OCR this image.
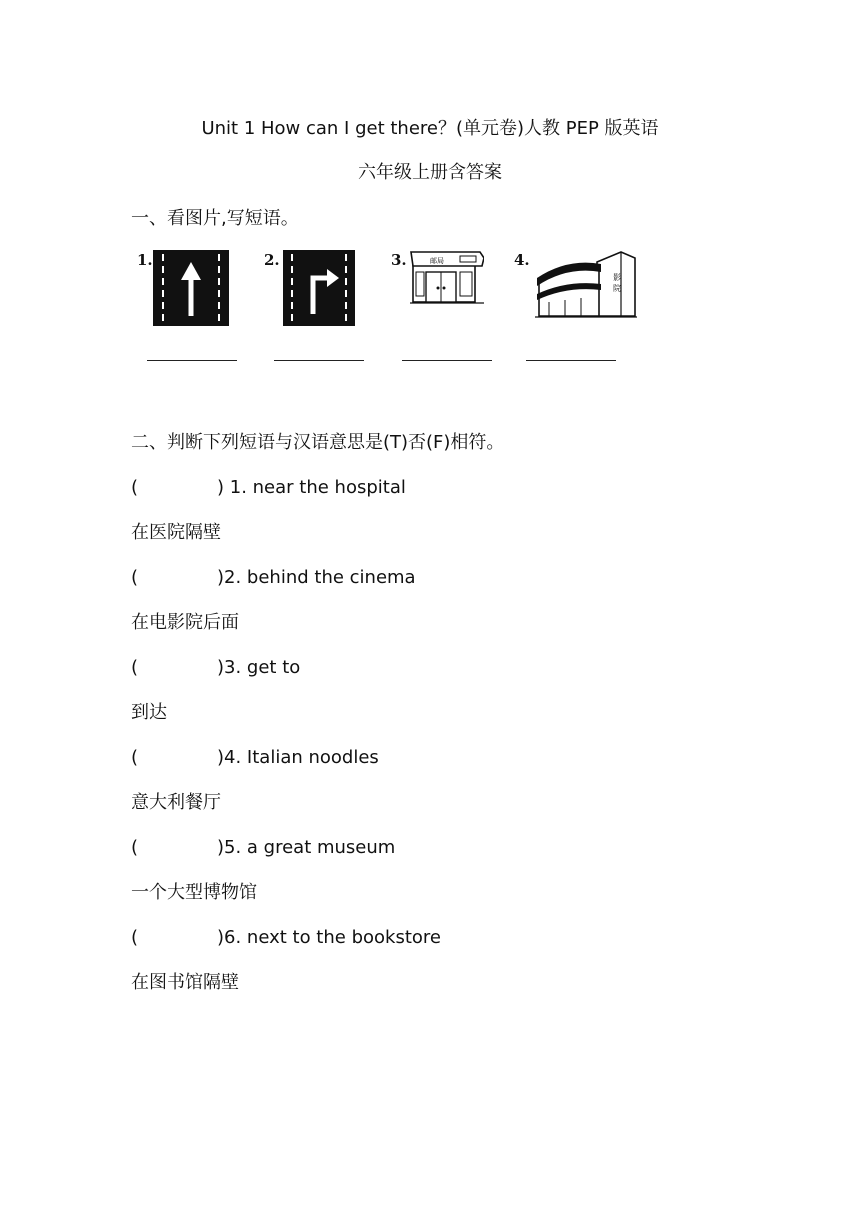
Unit 1 How can I get there？(单元卷)人教 PEP 版英语
六年级上册含答案
一、看图片,写短语。
1.	2.	3.	邮局	4.
影
院
二、判断下列短语与汉语意思是(T)否(F)相符。
(	) 1. near the hospital
在医院隔壁
(	)2. behind the cinema
在电影院后面
(	)3. get to
到达
(	)4. Italian noodles
意大利餐厅
(	)5. a great museum
一个大型博物馆
(	)6. next to the bookstore
在图书馆隔壁
